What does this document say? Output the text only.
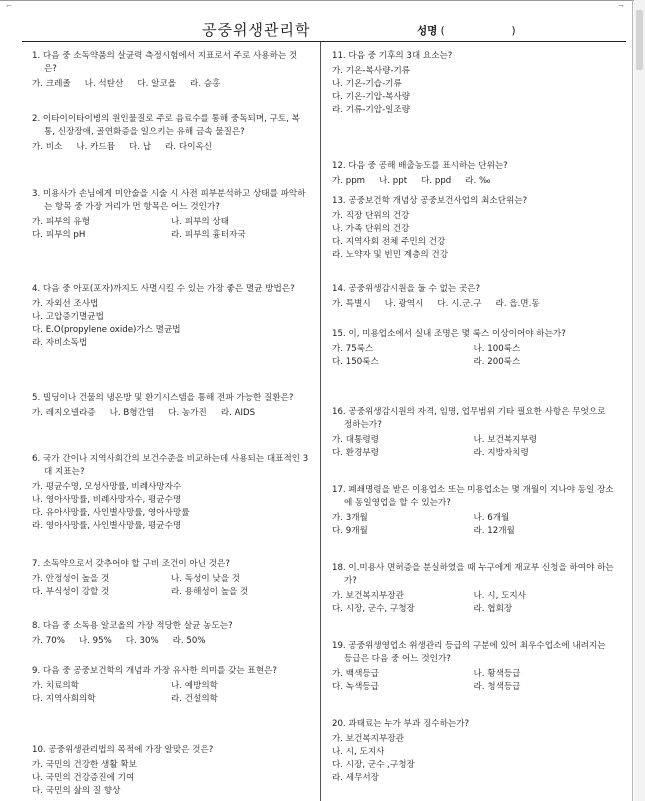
⌐	¬
공중위생관리학	성명 (                    )
1. 다음 중 소독약품의 살균력 측정시험에서 지표로서 주로 사용하는 것은?
가. 크레졸 나. 석탄산 다. 알코올 라. 승홍
2. 이타이이타이병의 원인물질로 주로 음료수를 통해 중독되며, 구토, 복통, 신장장애, 골연화증을 일으키는 유해 금속 물질은?
가. 비소 나. 카드뮴 다. 납 라. 다이옥신
3. 미용사가 손님에게 미안술을 시술 시 사전 피부분석하고 상태를 파악하는 항목 중 가장 거리가 먼 항목은 어느 것인가?
가. 피부의 유형	나. 피부의 상태
다. 피부의 pH	라. 피부의 흉터자국
4. 다음 중 아포(포자)까지도 사멸시킬 수 있는 가장 좋은 멸균 방법은?
가. 자외선 조사법
나. 고압증기멸균법
다. E.O(propylene oxide)가스 멸균법
라. 자비소독법
5. 빌딩이나 건물의 냉온방 및 환기시스템을 통해 전파 가능한 질환은?
가. 레지오넬라증 나. B형간염 다. 농가진 라. AIDS
6. 국가 간이나 지역사회간의 보건수준을 비교하는데 사용되는 대표적인 3대 지표는?
가. 평균수명, 모성사망률, 비례사망자수
나. 영아사망률, 비례사망자수, 평균수명
다. 유아사망률, 사인별사망률, 영아사망률
라. 영아사망률, 사인별사망률, 평균수명
7. 소독약으로서 갖추어야 할 구비 조건이 아닌 것은?
가. 안정성이 높을 것	나. 독성이 낮을 것
다. 부식성이 강할 것	라. 용해성이 높을 것
8. 다음 중 소독용 알코올의 가장 적당한 살균 농도는?
가. 70% 나. 95% 다. 30% 라. 50%
9. 다음 중 공중보건학의 개념과 가장 유사한 의미를 갖는 표현은?
가. 치료의학	나. 예방의학
다. 지역사회의학	라. 건설의학
10. 공중위생관리법의 목적에 가장 알맞은 것은?
가. 국민의 건강한 생활 확보
나. 국민의 건강증진에 기여
다. 국민의 삶의 질 향상
11. 다음 중 기후의 3대 요소는?
가. 기온-복사량-기류
나. 기온-기습-기류
다. 기온-기압-복사량
라. 기류-기압-일조량
12. 다음 중 공해 배출농도를 표시하는 단위는?
가. ppm 나. ppt 다. ppd 라. ‰
13. 공중보건학 개념상 공중보건사업의 최소단위는?
가. 직장 단위의 건강
나. 가족 단위의 건강
다. 지역사회 전체 주민의 건강
라. 노약자 및 빈민 계층의 건강
14. 공중위생감시원을 둘 수 없는 곳은?
가. 특별시 나. 광역시 다. 시.군.구 라. 읍.면.동
15. 이, 미용업소에서 실내 조명은 몇 룩스 이상이어야 하는가?
가. 75룩스	나. 100룩스
다. 150룩스	라. 200룩스
16. 공중위생감시원의 자격, 임명, 업무범위 기타 필요한 사항은 무엇으로 정하는가?
가. 대통령령	나. 보건복지부령
다. 환경부령	라. 지방자치령
17. 폐쇄명령을 받은 이용업소 또는 미용업소는 몇 개월이 지나야 동일 장소에 동일영업을 할 수 있는가?
가. 3개월	나. 6개월
다. 9개월	라. 12개월
18. 이.미용사 면허증을 분실하였을 때 누구에게 재교부 신청을 하여야 하는가?
가. 보건복지부장관	나. 시, 도지사
다. 시장, 군수, 구청장	라. 협회장
19. 공중위생영업소 위생관리 등급의 구분에 있어 최우수업소에 내려지는 등급은 다음 중 어느 것인가?
가. 백색등급	나. 황색등급
다. 녹색등급	라. 청색등급
20. 과태료는 누가 부과 징수하는가?
가. 보건복지부장관
나. 시, 도지사
다. 시장, 군수 ,구청장
라. 세무서장
